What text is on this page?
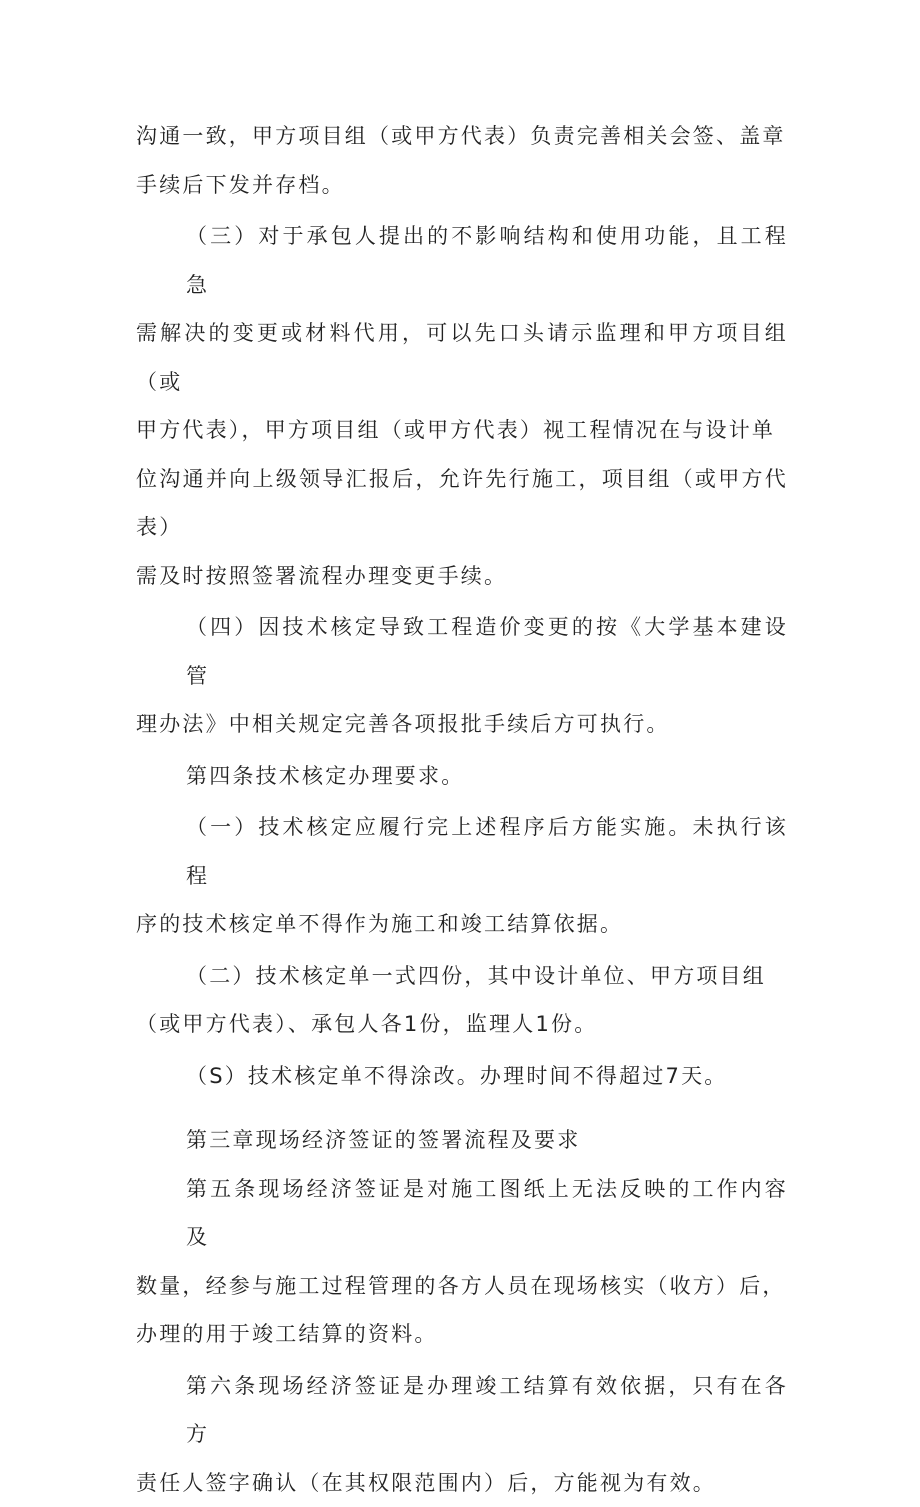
沟通一致，甲方项目组（或甲方代表）负责完善相关会签、盖章
手续后下发并存档。

（三）对于承包人提出的不影响结构和使用功能，且工程急
需解决的变更或材料代用，可以先口头请示监理和甲方项目组（或
甲方代表），甲方项目组（或甲方代表）视工程情况在与设计单
位沟通并向上级领导汇报后，允许先行施工，项目组（或甲方代表）
需及时按照签署流程办理变更手续。

（四）因技术核定导致工程造价变更的按《大学基本建设管
理办法》中相关规定完善各项报批手续后方可执行。

第四条技术核定办理要求。

（一）技术核定应履行完上述程序后方能实施。未执行该程
序的技术核定单不得作为施工和竣工结算依据。

（二）技术核定单一式四份，其中设计单位、甲方项目组
（或甲方代表）、承包人各1份，监理人1份。

（S）技术核定单不得涂改。办理时间不得超过7天。

第三章现场经济签证的签署流程及要求

第五条现场经济签证是对施工图纸上无法反映的工作内容及
数量，经参与施工过程管理的各方人员在现场核实（收方）后，
办理的用于竣工结算的资料。

第六条现场经济签证是办理竣工结算有效依据，只有在各方
责任人签字确认（在其权限范围内）后，方能视为有效。
